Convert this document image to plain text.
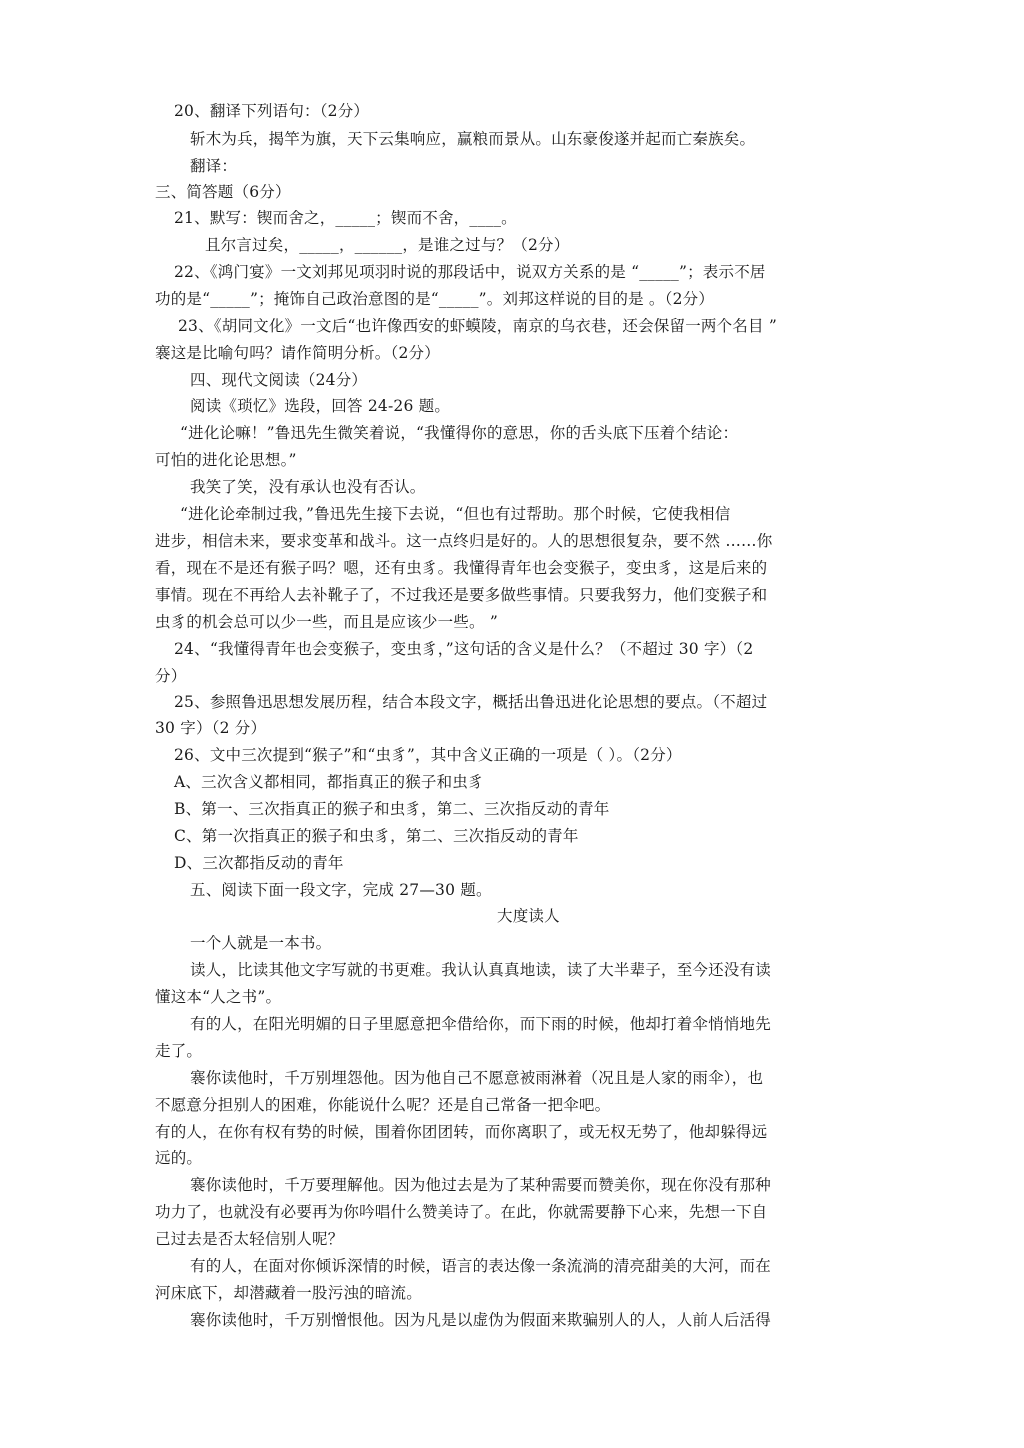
20、翻译下列语句：（2分）
斩木为兵，揭竿为旗，天下云集响应，赢粮而景从。山东豪俊遂并起而亡秦族矣。
翻译：
三、简答题（6分）
21、默写：锲而舍之，_____；锲而不舍，____。
且尔言过矣，_____，______，是谁之过与？（2分）
22、《鸿门宴》一文刘邦见项羽时说的那段话中，说双方关系的是 “_____”；表示不居
功的是“_____”；掩饰自己政治意图的是“_____”。刘邦这样说的目的是 。（2分）
23、《胡同文化》一文后“也许像西安的虾蟆陵，南京的乌衣巷，还会保留一两个名目 ”
褰这是比喻句吗？请作简明分析。（2分）
四、现代文阅读（24分）
阅读《琐忆》选段，回答 24-26 题。
“进化论嘛！”鲁迅先生微笑着说，“我懂得你的意思，你的舌头底下压着个结论：
可怕的进化论思想。”
我笑了笑，没有承认也没有否认。
“进化论牵制过我，”鲁迅先生接下去说，“但也有过帮助。那个时候，它使我相信
进步，相信未来，要求变革和战斗。这一点终归是好的。人的思想很复杂，要不然 ……你
看，现在不是还有猴子吗？嗯，还有虫豸。我懂得青年也会变猴子，变虫豸，这是后来的
事情。现在不再给人去补靴子了，不过我还是要多做些事情。只要我努力，他们变猴子和
虫豸的机会总可以少一些，而且是应该少一些。 ”
24、“我懂得青年也会变猴子，变虫豸，”这句话的含义是什么？（不超过 30 字）（2
分）
25、参照鲁迅思想发展历程，结合本段文字，概括出鲁迅进化论思想的要点。（不超过
30 字）（2 分）
26、文中三次提到“猴子”和“虫豸”，其中含义正确的一项是（ ）。（2分）
A、三次含义都相同，都指真正的猴子和虫豸
B、第一、三次指真正的猴子和虫豸，第二、三次指反动的青年
C、第一次指真正的猴子和虫豸，第二、三次指反动的青年
D、三次都指反动的青年
五、阅读下面一段文字，完成 27—30 题。
大度读人
一个人就是一本书。
读人，比读其他文字写就的书更难。我认认真真地读，读了大半辈子，至今还没有读
懂这本“人之书”。
有的人，在阳光明媚的日子里愿意把伞借给你，而下雨的时候，他却打着伞悄悄地先
走了。
褰你读他时，千万别埋怨他。因为他自己不愿意被雨淋着（况且是人家的雨伞），也
不愿意分担别人的困难，你能说什么呢？还是自己常备一把伞吧。
有的人，在你有权有势的时候，围着你团团转，而你离职了，或无权无势了，他却躲得远
远的。
褰你读他时，千万要理解他。因为他过去是为了某种需要而赞美你，现在你没有那种
功力了，也就没有必要再为你吟唱什么赞美诗了。在此，你就需要静下心来，先想一下自
己过去是否太轻信别人呢？
有的人，在面对你倾诉深情的时候，语言的表达像一条流淌的清亮甜美的大河，而在
河床底下，却潜藏着一股污浊的暗流。
褰你读他时，千万别憎恨他。因为凡是以虚伪为假面来欺骗别人的人，人前人后活得
